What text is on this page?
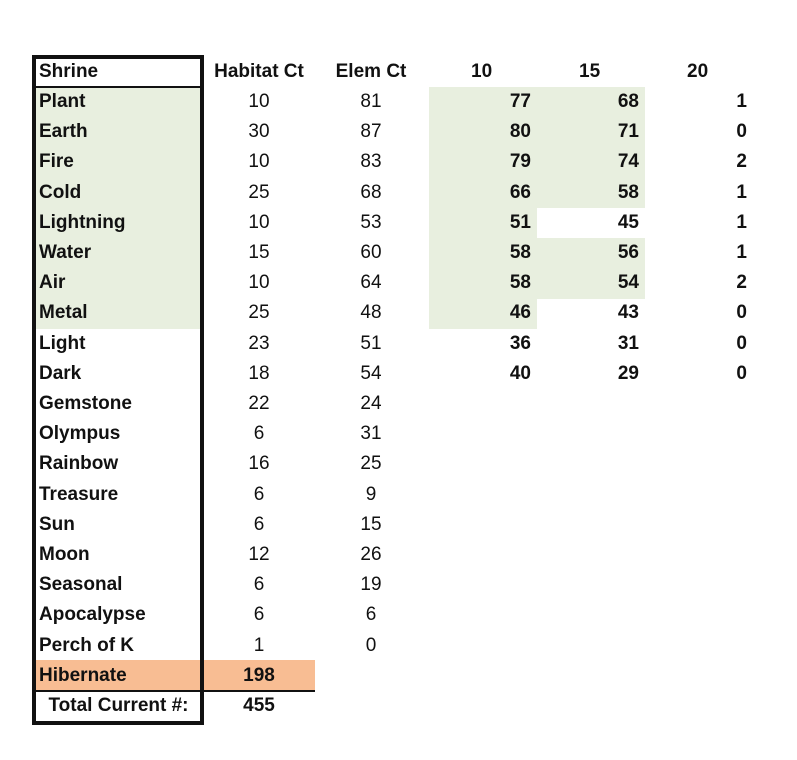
Shrine	Habitat Ct	Elem Ct	10	15	20
Plant	10	81	77	68	1
Earth	30	87	80	71	0
Fire	10	83	79	74	2
Cold	25	68	66	58	1
Lightning	10	53	51	45	1
Water	15	60	58	56	1
Air	10	64	58	54	2
Metal	25	48	46	43	0
Light	23	51	36	31	0
Dark	18	54	40	29	0
Gemstone	22	24
Olympus	6	31
Rainbow	16	25
Treasure	6	9
Sun	6	15
Moon	12	26
Seasonal	6	19
Apocalypse	6	6
Perch of K	1	0
Hibernate	198
Total Current #:	455
